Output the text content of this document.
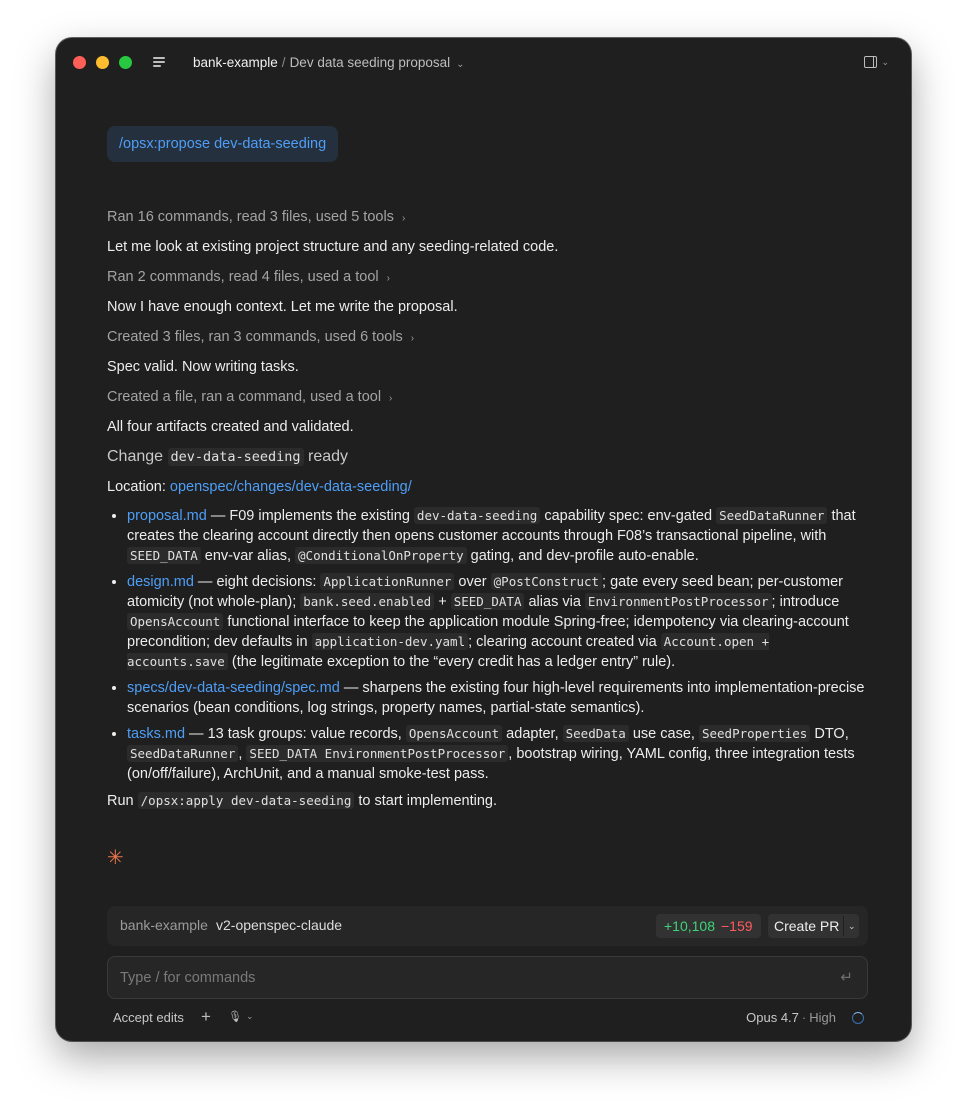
bank-example / Dev data seeding proposal ⌄	⌄
/opsx:propose dev-data-seeding
Ran 16 commands, read 3 files, used 5 tools ›
Let me look at existing project structure and any seeding-related code.
Ran 2 commands, read 4 files, used a tool ›
Now I have enough context. Let me write the proposal.
Created 3 files, ran 3 commands, used 6 tools ›
Spec valid. Now writing tasks.
Created a file, ran a command, used a tool ›
All four artifacts created and validated.
Change dev-data-seeding ready
Location: openspec/changes/dev-data-seeding/
• proposal.md — F09 implements the existing dev-data-seeding capability spec: env-gated SeedDataRunner that creates the clearing account directly then opens customer accounts through F08’s transactional pipeline, with SEED_DATA env-var alias, @ConditionalOnProperty gating, and dev-profile auto-enable.
• design.md — eight decisions: ApplicationRunner over @PostConstruct ; gate every seed bean; per-customer atomicity (not whole-plan); bank.seed.enabled + SEED_DATA alias via EnvironmentPostProcessor ; introduce OpensAccount functional interface to keep the application module Spring-free; idempotency via clearing-account precondition; dev defaults in application-dev.yaml ; clearing account created via Account.open + accounts.save (the legitimate exception to the “every credit has a ledger entry” rule).
• specs/dev-data-seeding/spec.md — sharpens the existing four high-level requirements into implementation-precise scenarios (bean conditions, log strings, property names, partial-state semantics).
• tasks.md — 13 task groups: value records, OpensAccount adapter, SeedData use case, SeedProperties DTO, SeedDataRunner , SEED_DATA EnvironmentPostProcessor , bootstrap wiring, YAML config, three integration tests (on/off/failure), ArchUnit, and a manual smoke-test pass.
Run /opsx:apply dev-data-seeding to start implementing.
✳
bank-example v2-openspec-claude	+10,108 −159	Create PR ⌄
Type / for commands
↵
Accept edits + 🎙 ⌄	Opus 4.7 · High
